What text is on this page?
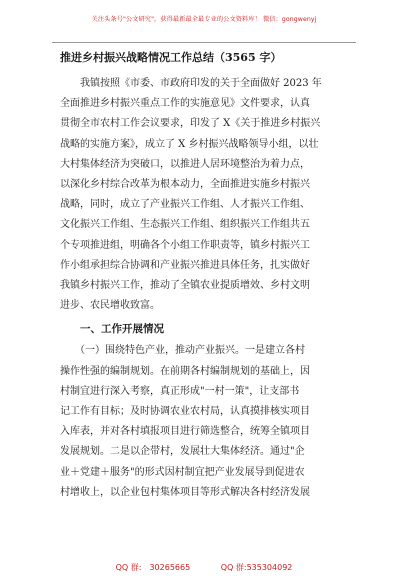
关注头条号"公文研究"，获得最新最全最专业的公文资料库！ 微信：gongwenyj
推进乡村振兴战略情况工作总结（3565 字）

　　我镇按照《市委、市政府印发的关于全面做好 2023 年
全面推进乡村振兴重点工作的实施意见》文件要求，认真
贯彻全市农村工作会议要求，印发了 X《关于推进乡村振兴
战略的实施方案》，成立了 X 乡村振兴战略领导小组，以壮
大村集体经济为突破口，以推进人居环境整治为着力点，
以深化乡村综合改革为根本动力，全面推进实施乡村振兴
战略，同时，成立了产业振兴工作组、人才振兴工作组、
文化振兴工作组、生态振兴工作组、组织振兴工作组共五
个专项推进组，明确各个小组工作职责等，镇乡村振兴工
作小组承担综合协调和产业振兴推进具体任务，扎实做好
我镇乡村振兴工作，推动了全镇农业提质增效、乡村文明
进步、农民增收致富。

一、工作开展情况

　　（一）围绕特色产业，推动产业振兴。一是建立各村
操作性强的编制规划。在前期各村编制规划的基础上，因
村制宜进行深入考察，真正形成"一村一策"，让支部书
记工作有目标；及时协调农业农村局，认真摸排核实项目
入库表，并对各村填报项目进行筛选整合，统筹全镇项目
发展规划。二是以企带村，发展壮大集体经济。通过"企
业＋党建＋服务"的形式因村制宜把产业发展导到促进农
村增收上，以企业包村集体项目等形式解决各村经济发展

QQ 群:　30265665	QQ 群:535304092
